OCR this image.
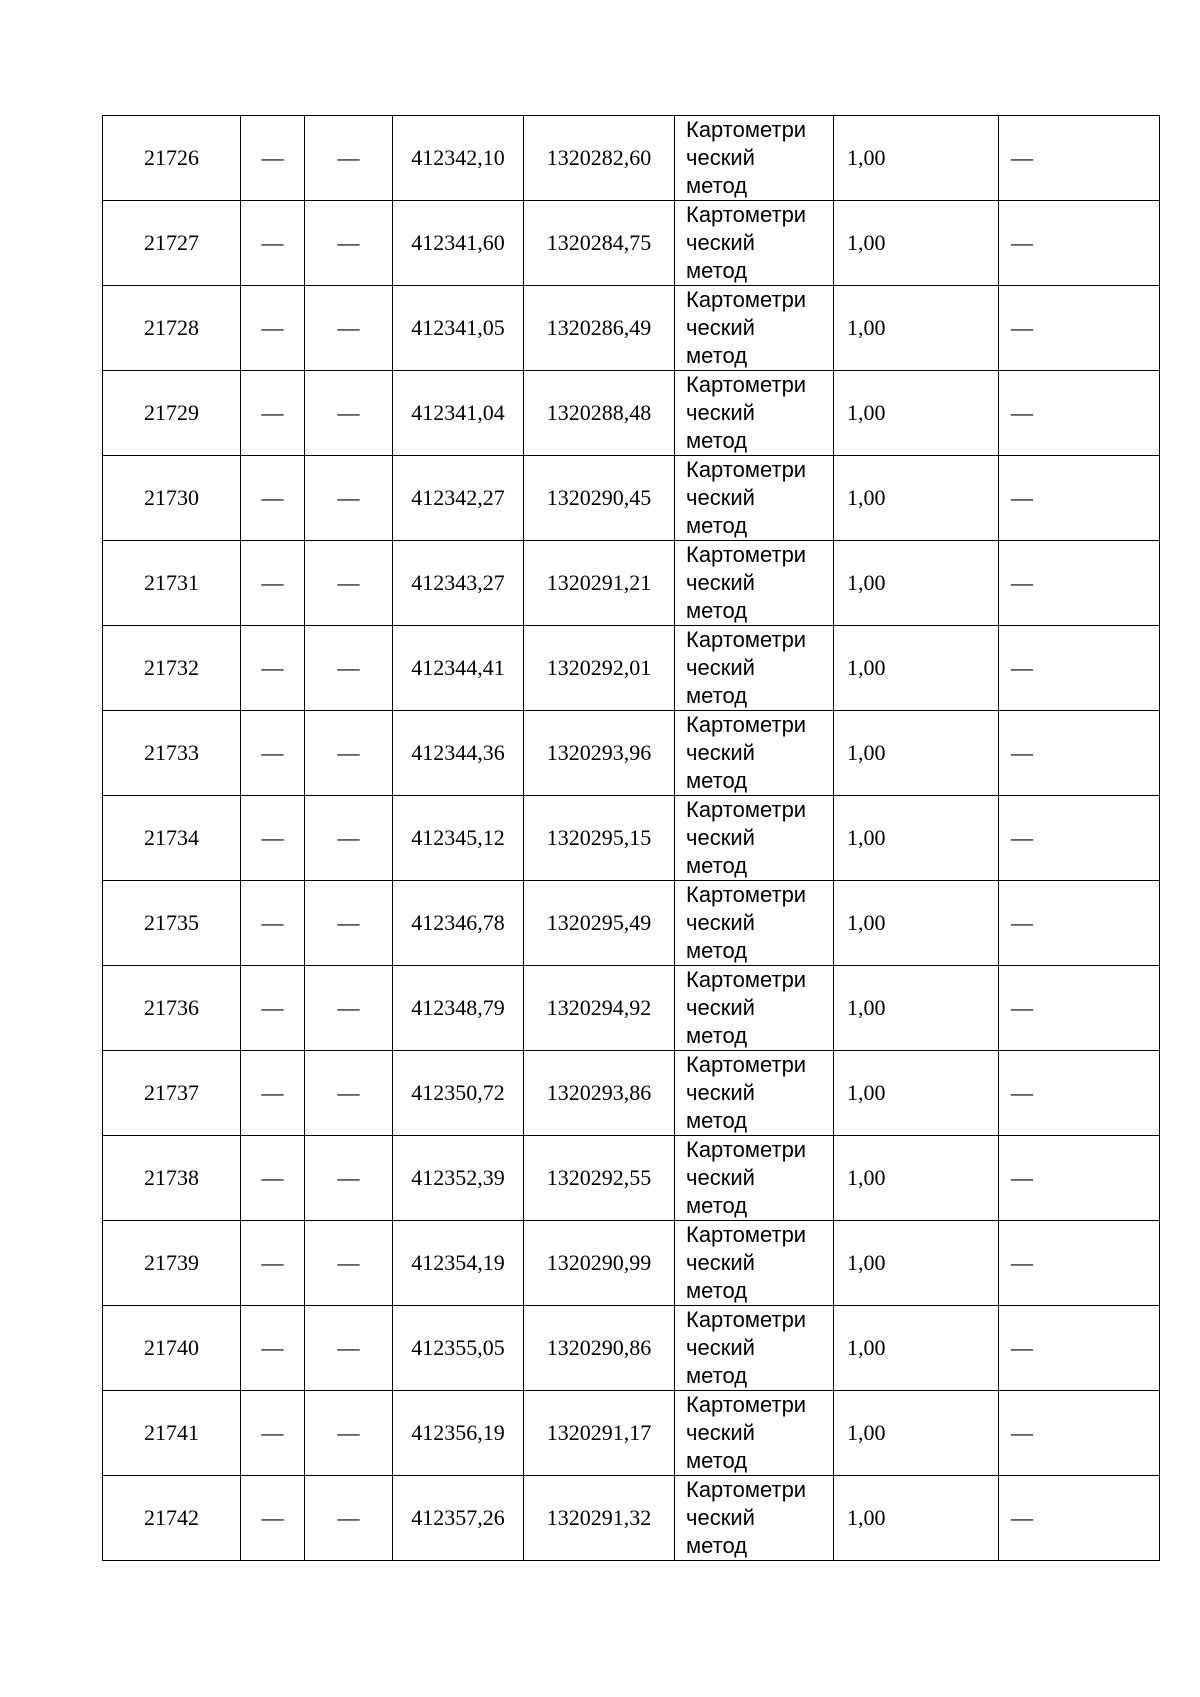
21726	—	—	412342,10	1320282,60	Картометри
ческий
метод	1,00	—
21727	—	—	412341,60	1320284,75	Картометри
ческий
метод	1,00	—
21728	—	—	412341,05	1320286,49	Картометри
ческий
метод	1,00	—
21729	—	—	412341,04	1320288,48	Картометри
ческий
метод	1,00	—
21730	—	—	412342,27	1320290,45	Картометри
ческий
метод	1,00	—
21731	—	—	412343,27	1320291,21	Картометри
ческий
метод	1,00	—
21732	—	—	412344,41	1320292,01	Картометри
ческий
метод	1,00	—
21733	—	—	412344,36	1320293,96	Картометри
ческий
метод	1,00	—
21734	—	—	412345,12	1320295,15	Картометри
ческий
метод	1,00	—
21735	—	—	412346,78	1320295,49	Картометри
ческий
метод	1,00	—
21736	—	—	412348,79	1320294,92	Картометри
ческий
метод	1,00	—
21737	—	—	412350,72	1320293,86	Картометри
ческий
метод	1,00	—
21738	—	—	412352,39	1320292,55	Картометри
ческий
метод	1,00	—
21739	—	—	412354,19	1320290,99	Картометри
ческий
метод	1,00	—
21740	—	—	412355,05	1320290,86	Картометри
ческий
метод	1,00	—
21741	—	—	412356,19	1320291,17	Картометри
ческий
метод	1,00	—
21742	—	—	412357,26	1320291,32	Картометри
ческий
метод	1,00	—
